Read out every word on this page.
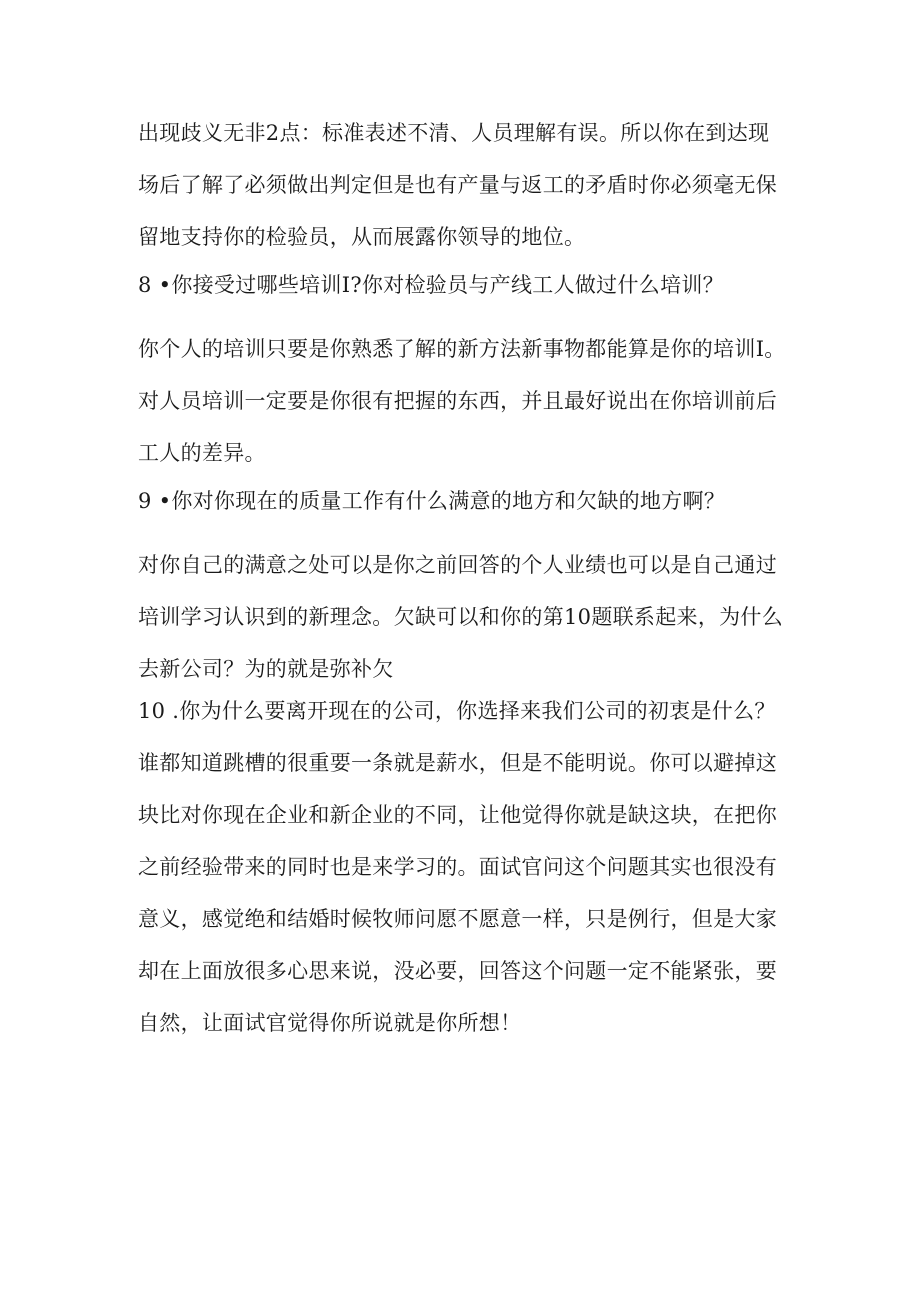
出现歧义无非2点：标准表述不清、人员理解有误。所以你在到达现场后了解了必须做出判定但是也有产量与返工的矛盾时你必须毫无保留地支持你的检验员，从而展露你领导的地位。
8 •你接受过哪些培训I?你对检验员与产线工人做过什么培训？
你个人的培训只要是你熟悉了解的新方法新事物都能算是你的培训I。对人员培训一定要是你很有把握的东西，并且最好说出在你培训前后工人的差异。
9 •你对你现在的质量工作有什么满意的地方和欠缺的地方啊？
对你自己的满意之处可以是你之前回答的个人业绩也可以是自己通过培训学习认识到的新理念。欠缺可以和你的第10题联系起来，为什么去新公司？为的就是弥补欠
10 .你为什么要离开现在的公司，你选择来我们公司的初衷是什么？谁都知道跳槽的很重要一条就是薪水，但是不能明说。你可以避掉这块比对你现在企业和新企业的不同，让他觉得你就是缺这块，在把你之前经验带来的同时也是来学习的。面试官问这个问题其实也很没有意义，感觉绝和结婚时候牧师问愿不愿意一样，只是例行，但是大家却在上面放很多心思来说，没必要，回答这个问题一定不能紧张，要自然，让面试官觉得你所说就是你所想！
